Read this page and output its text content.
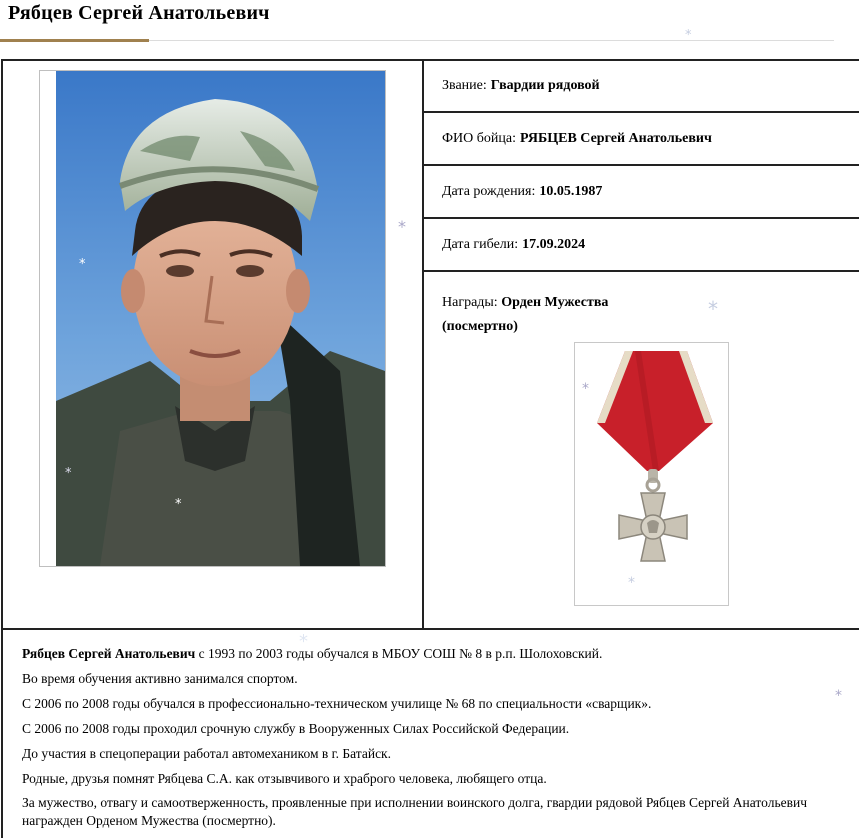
Рябцев Сергей Анатольевич
*
*
*
*
*
*
Звание: Гвардии рядовой
ФИО бойца: РЯБЦЕВ Сергей Анатольевич
Дата рождения: 10.05.1987
Дата гибели: 17.09.2024
Награды: Орден Мужества
(посмертно)
*
*
*

Рябцев Сергей Анатольевич с 1993 по 2003 годы обучался в МБОУ СОШ № 8 в р.п. Шолоховский.

Во время обучения активно занимался спортом.

С 2006 по 2008 годы обучался в профессионально-техническом училище № 68 по специальности «сварщик».

С 2006 по 2008 годы проходил срочную службу в Вооруженных Силах Российской Федерации.

До участия в спецоперации работал автомехаником в г. Батайск.

Родные, друзья помнят Рябцева С.А. как отзывчивого и храброго человека, любящего отца.

За мужество, отвагу и самоотверженность, проявленные при исполнении воинского долга, гвардии рядовой Рябцев Сергей Анатольевич награжден Орденом Мужества (посмертно).

*
*
